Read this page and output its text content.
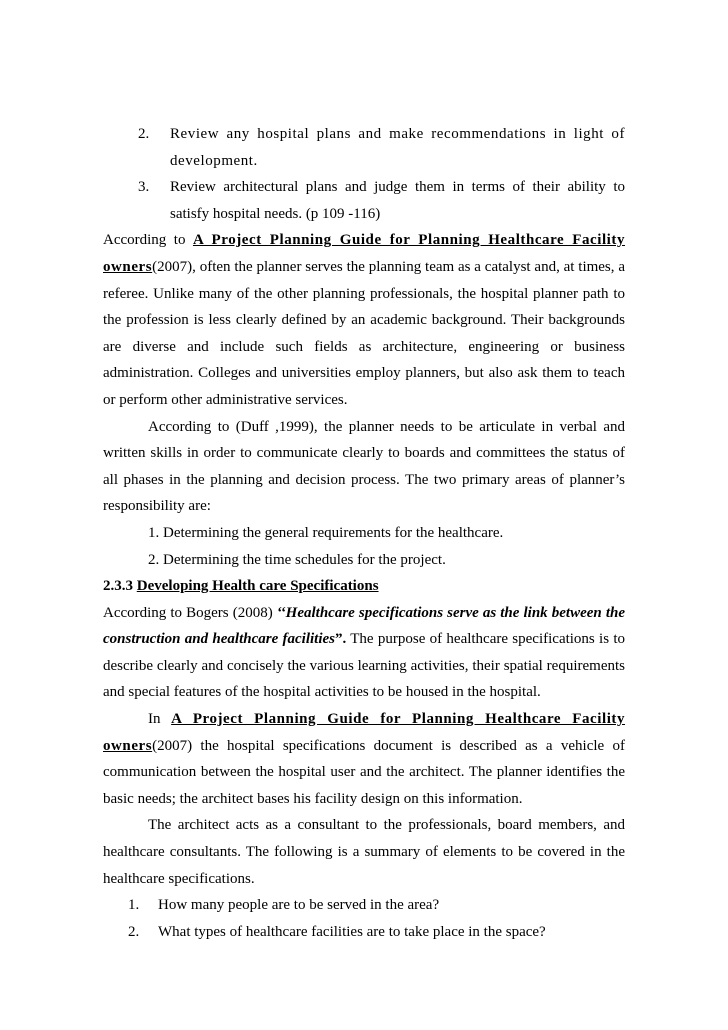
2.	Review any hospital plans and make recommendations in light of development.
3.	Review architectural plans and judge them in terms of their ability to satisfy hospital needs. (p 109 -116)

According to A Project Planning Guide for Planning Healthcare Facility owners(2007), often the planner serves the planning team as a catalyst and, at times, a referee. Unlike many of the other planning professionals, the hospital planner path to the profession is less clearly defined by an academic background. Their backgrounds are diverse and include such fields as architecture, engineering or business administration. Colleges and universities employ planners, but also ask them to teach or perform other administrative services.

According to (Duff ,1999), the planner needs to be articulate in verbal and written skills in order to communicate clearly to boards and committees the status of all phases in the planning and decision process. The two primary areas of planner’s responsibility are:

1. Determining the general requirements for the healthcare.

2. Determining the time schedules for the project.

2.3.3 Developing Health care Specifications

According to Bogers (2008) ‘‘Healthcare specifications serve as the link between the construction and healthcare facilities”. The purpose of healthcare specifications is to describe clearly and concisely the various learning activities, their spatial requirements and special features of the hospital activities to be housed in the hospital.

In A Project Planning Guide for Planning Healthcare Facility owners(2007) the hospital specifications document is described as a vehicle of communication between the hospital user and the architect. The planner identifies the basic needs; the architect bases his facility design on this information.

The architect acts as a consultant to the professionals, board members, and healthcare consultants. The following is a summary of elements to be covered in the healthcare specifications.

1.	How many people are to be served in the area?
2.	What types of healthcare facilities are to take place in the space?
